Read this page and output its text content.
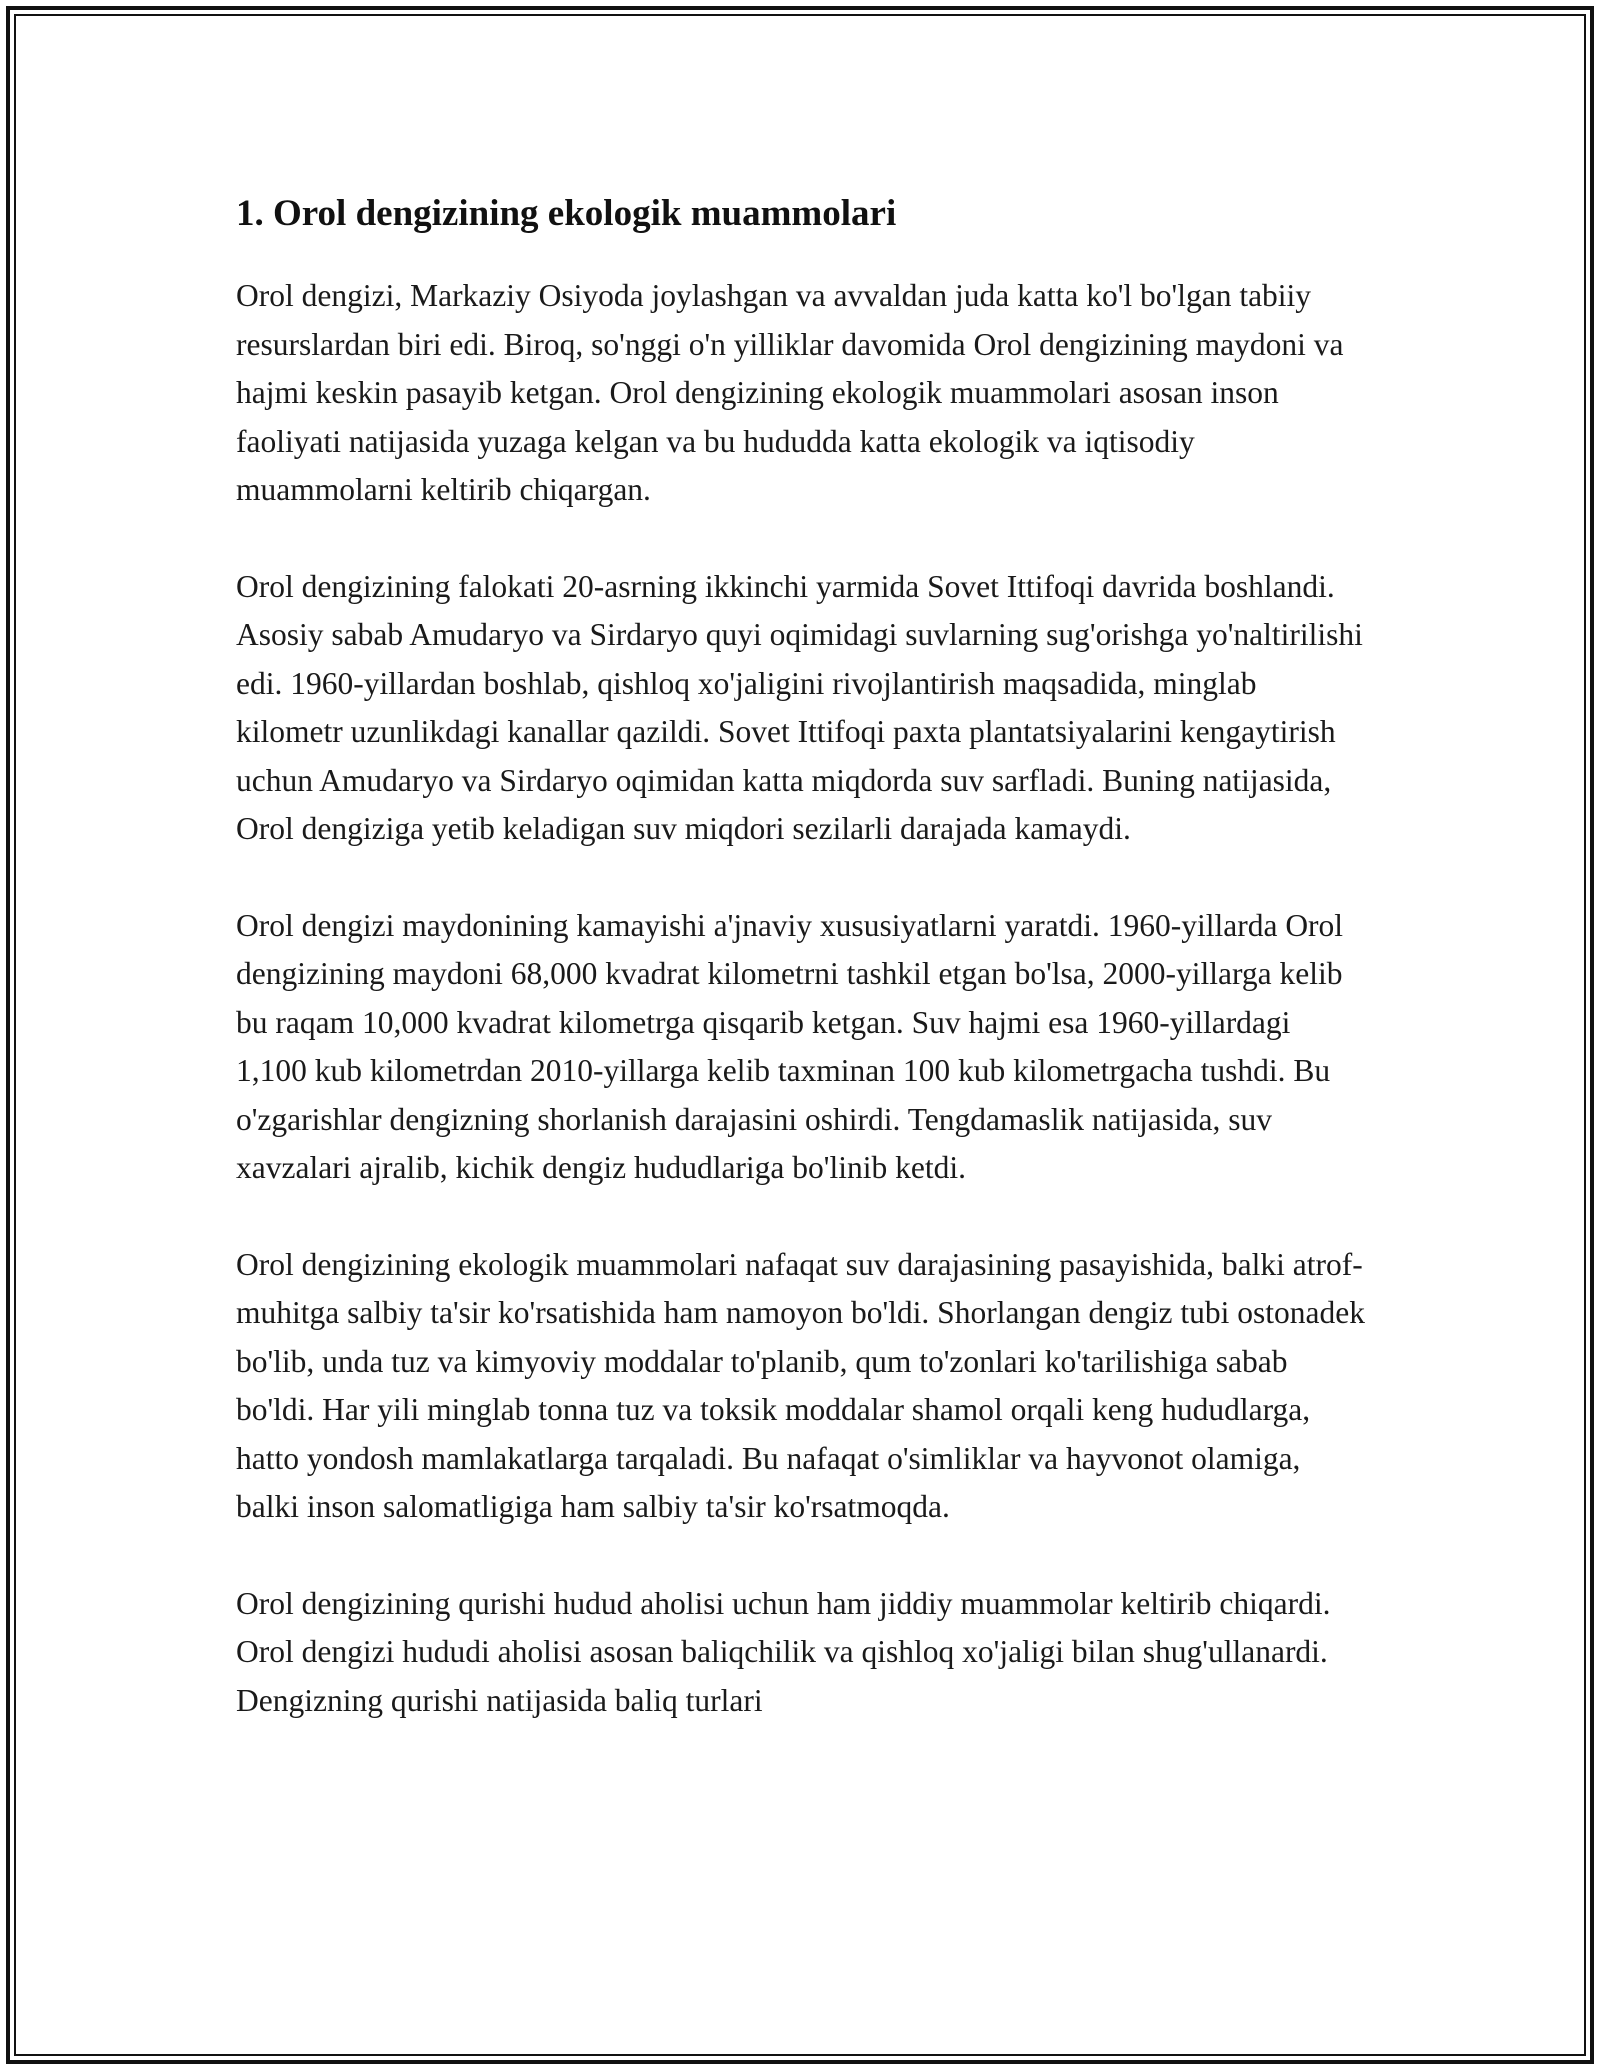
1. Orol dengizining ekologik muammolari

Orol dengizi, Markaziy Osiyoda joylashgan va avvaldan juda katta ko'l bo'lgan tabiiy resurslardan biri edi. Biroq, so'nggi o'n yilliklar davomida Orol dengizining maydoni va hajmi keskin pasayib ketgan. Orol dengizining ekologik muammolari asosan inson faoliyati natijasida yuzaga kelgan va bu hududda katta ekologik va iqtisodiy muammolarni keltirib chiqargan.

Orol dengizining falokati 20-asrning ikkinchi yarmida Sovet Ittifoqi davrida boshlandi. Asosiy sabab Amudaryo va Sirdaryo quyi oqimidagi suvlarning sug'orishga yo'naltirilishi edi. 1960-yillardan boshlab, qishloq xo'jaligini rivojlantirish maqsadida, minglab kilometr uzunlikdagi kanallar qazildi. Sovet Ittifoqi paxta plantatsiyalarini kengaytirish uchun Amudaryo va Sirdaryo oqimidan katta miqdorda suv sarfladi. Buning natijasida, Orol dengiziga yetib keladigan suv miqdori sezilarli darajada kamaydi.

Orol dengizi maydonining kamayishi a'jnaviy xususiyatlarni yaratdi. 1960-yillarda Orol dengizining maydoni 68,000 kvadrat kilometrni tashkil etgan bo'lsa, 2000-yillarga kelib bu raqam 10,000 kvadrat kilometrga qisqarib ketgan. Suv hajmi esa 1960-yillardagi 1,100 kub kilometrdan 2010-yillarga kelib taxminan 100 kub kilometrgacha tushdi. Bu o'zgarishlar dengizning shorlanish darajasini oshirdi. Tengdamaslik natijasida, suv xavzalari ajralib, kichik dengiz hududlariga bo'linib ketdi.

Orol dengizining ekologik muammolari nafaqat suv darajasining pasayishida, balki atrof-muhitga salbiy ta'sir ko'rsatishida ham namoyon bo'ldi. Shorlangan dengiz tubi ostonadek bo'lib, unda tuz va kimyoviy moddalar to'planib, qum to'zonlari ko'tarilishiga sabab bo'ldi. Har yili minglab tonna tuz va toksik moddalar shamol orqali keng hududlarga, hatto yondosh mamlakatlarga tarqaladi. Bu nafaqat o'simliklar va hayvonot olamiga, balki inson salomatligiga ham salbiy ta'sir ko'rsatmoqda.

Orol dengizining qurishi hudud aholisi uchun ham jiddiy muammolar keltirib chiqardi. Orol dengizi hududi aholisi asosan baliqchilik va qishloq xo'jaligi bilan shug'ullanardi. Dengizning qurishi natijasida baliq turlari
